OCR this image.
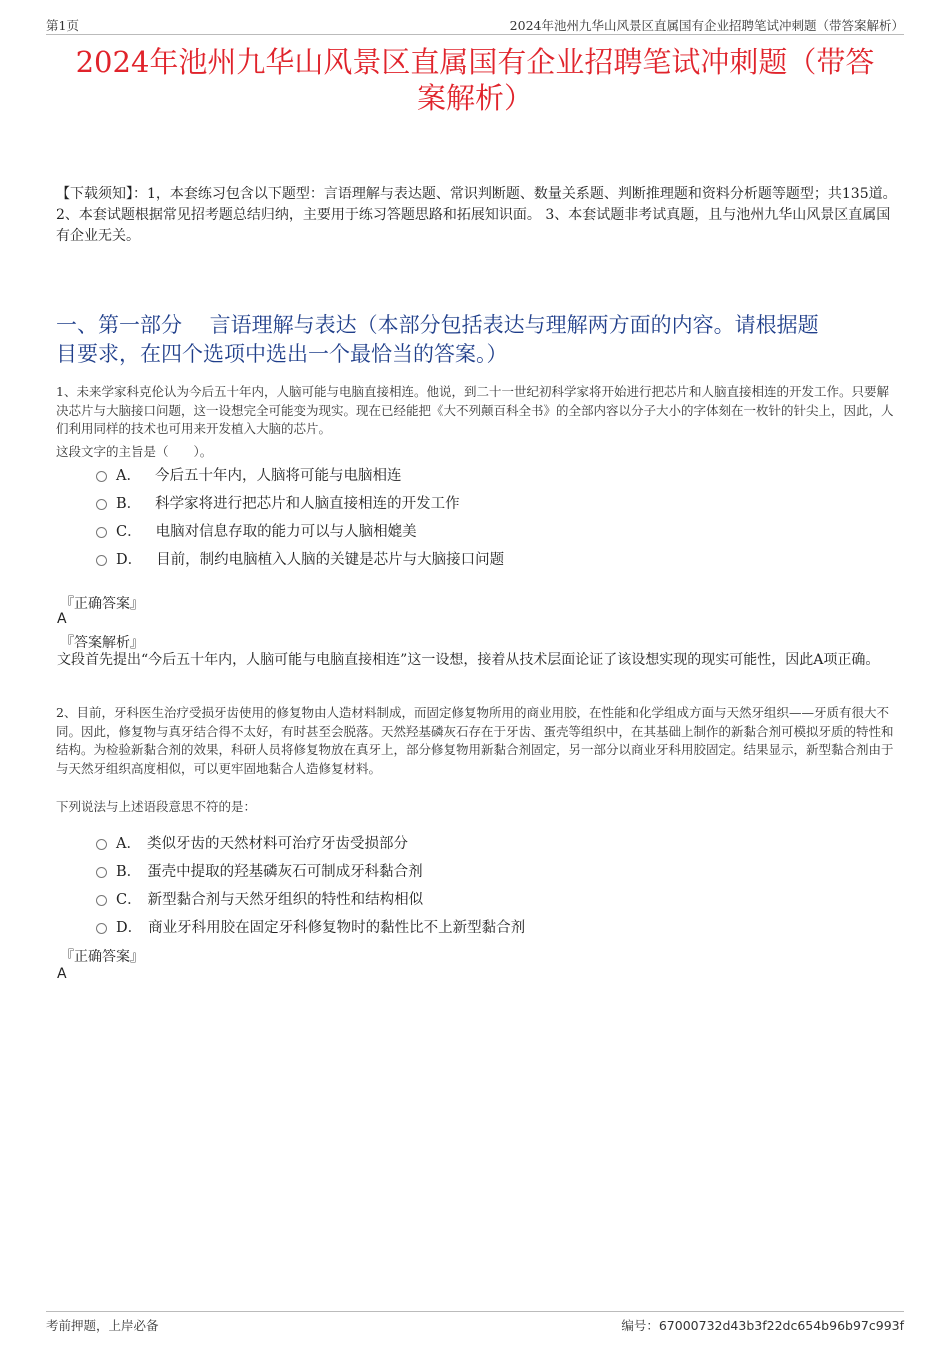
第1页	2024年池州九华山风景区直属国有企业招聘笔试冲刺题（带答案解析）
2024年池州九华山风景区直属国有企业招聘笔试冲刺题（带答
案解析）
【下载须知】：1，本套练习包含以下题型：言语理解与表达题、常识判断题、数量关系题、判断推理题和资料分析题等题型；共135道。 2、本套试题根据常见招考题总结归纳，主要用于练习答题思路和拓展知识面。 3、本套试题非考试真题，且与池州九华山风景区直属国有企业无关。
一、第一部分　 言语理解与表达（本部分包括表达与理解两方面的内容。请根据题
目要求，在四个选项中选出一个最恰当的答案。）
1、未来学家科克伦认为今后五十年内，人脑可能与电脑直接相连。他说，到二十一世纪初科学家将开始进行把芯片和人脑直接相连的开发工作。只要解决芯片与大脑接口问题，这一设想完全可能变为现实。现在已经能把《大不列颠百科全书》的全部内容以分子大小的字体刻在一枚针的针尖上，因此，人们利用同样的技术也可用来开发植入大脑的芯片。
这段文字的主旨是（　　）。
A． 今后五十年内，人脑将可能与电脑相连
B． 科学家将进行把芯片和人脑直接相连的开发工作
C． 电脑对信息存取的能力可以与人脑相媲美
D． 目前，制约电脑植入人脑的关键是芯片与大脑接口问题
『正确答案』
A
『答案解析』
文段首先提出“今后五十年内，人脑可能与电脑直接相连”这一设想，接着从技术层面论证了该设想实现的现实可能性，因此A项正确。
2、目前，牙科医生治疗受损牙齿使用的修复物由人造材料制成，而固定修复物所用的商业用胶，在性能和化学组成方面与天然牙组织——牙质有很大不同。因此，修复物与真牙结合得不太好，有时甚至会脱落。天然羟基磷灰石存在于牙齿、蛋壳等组织中，在其基础上制作的新黏合剂可模拟牙质的特性和结构。为检验新黏合剂的效果，科研人员将修复物放在真牙上，部分修复物用新黏合剂固定，另一部分以商业牙科用胶固定。结果显示，新型黏合剂由于与天然牙组织高度相似，可以更牢固地黏合人造修复材料。
下列说法与上述语段意思不符的是：
A． 类似牙齿的天然材料可治疗牙齿受损部分
B． 蛋壳中提取的羟基磷灰石可制成牙科黏合剂
C． 新型黏合剂与天然牙组织的特性和结构相似
D． 商业牙科用胶在固定牙科修复物时的黏性比不上新型黏合剂
『正确答案』
A
考前押题，上岸必备	编号：67000732d43b3f22dc654b96b97c993f
